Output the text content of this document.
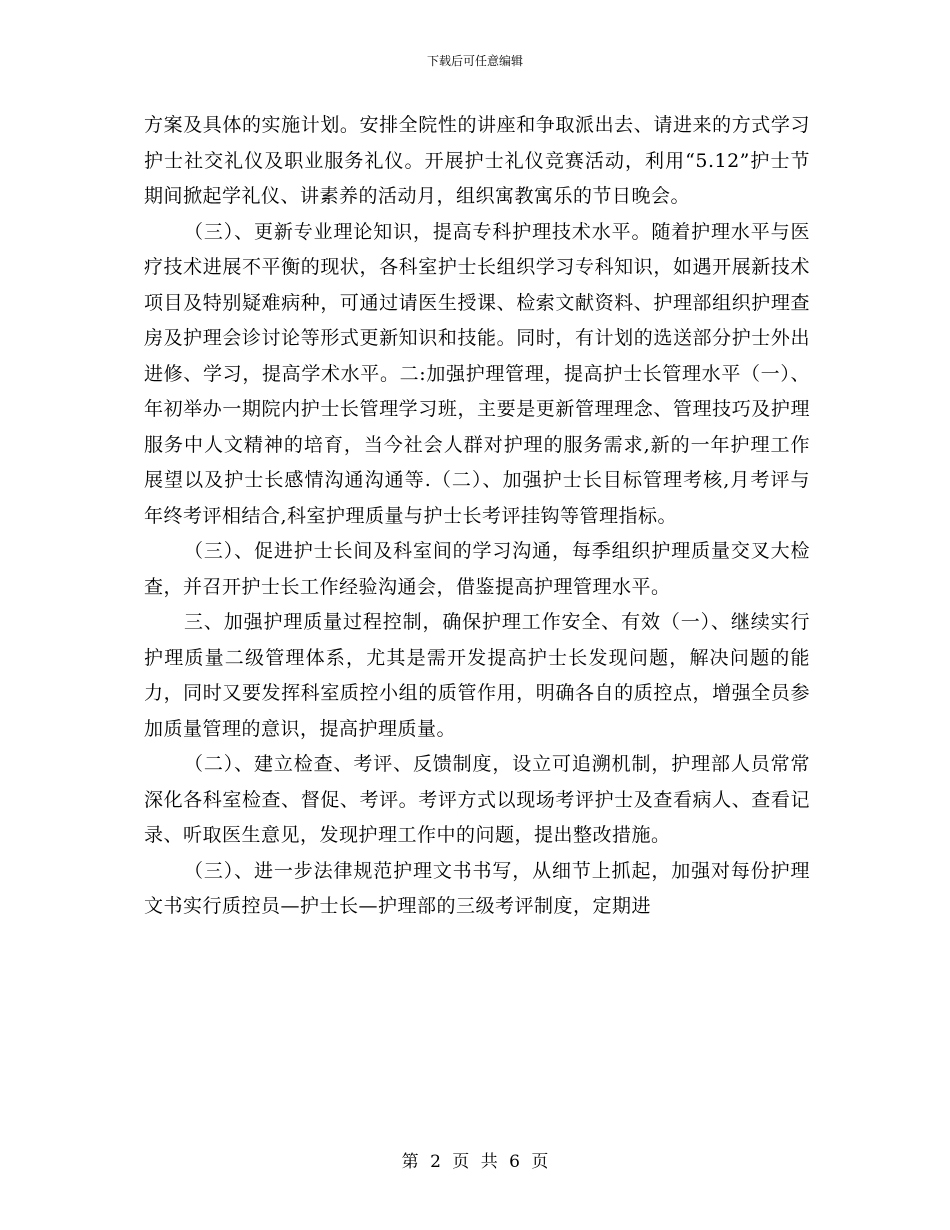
下载后可任意编辑

方案及具体的实施计划。安排全院性的讲座和争取派出去、请进来的方式学习护士社交礼仪及职业服务礼仪。开展护士礼仪竞赛活动，利用“5.12”护士节期间掀起学礼仪、讲素养的活动月，组织寓教寓乐的节日晚会。

（三）、更新专业理论知识，提高专科护理技术水平。随着护理水平与医疗技术进展不平衡的现状，各科室护士长组织学习专科知识，如遇开展新技术项目及特别疑难病种，可通过请医生授课、检索文献资料、护理部组织护理查房及护理会诊讨论等形式更新知识和技能。同时，有计划的选送部分护士外出进修、学习，提高学术水平。二:加强护理管理，提高护士长管理水平（一）、年初举办一期院内护士长管理学习班，主要是更新管理理念、管理技巧及护理服务中人文精神的培育，当今社会人群对护理的服务需求,新的一年护理工作展望以及护士长感情沟通沟通等.（二）、加强护士长目标管理考核,月考评与年终考评相结合,科室护理质量与护士长考评挂钩等管理指标。

（三）、促进护士长间及科室间的学习沟通，每季组织护理质量交叉大检查，并召开护士长工作经验沟通会，借鉴提高护理管理水平。

三、加强护理质量过程控制，确保护理工作安全、有效（一）、继续实行护理质量二级管理体系，尤其是需开发提高护士长发现问题，解决问题的能力，同时又要发挥科室质控小组的质管作用，明确各自的质控点，增强全员参加质量管理的意识，提高护理质量。

（二）、建立检查、考评、反馈制度，设立可追溯机制，护理部人员常常深化各科室检查、督促、考评。考评方式以现场考评护士及查看病人、查看记录、听取医生意见，发现护理工作中的问题，提出整改措施。

（三）、进一步法律规范护理文书书写，从细节上抓起，加强对每份护理文书实行质控员—护士长—护理部的三级考评制度，定期进

第 2 页 共 6 页
